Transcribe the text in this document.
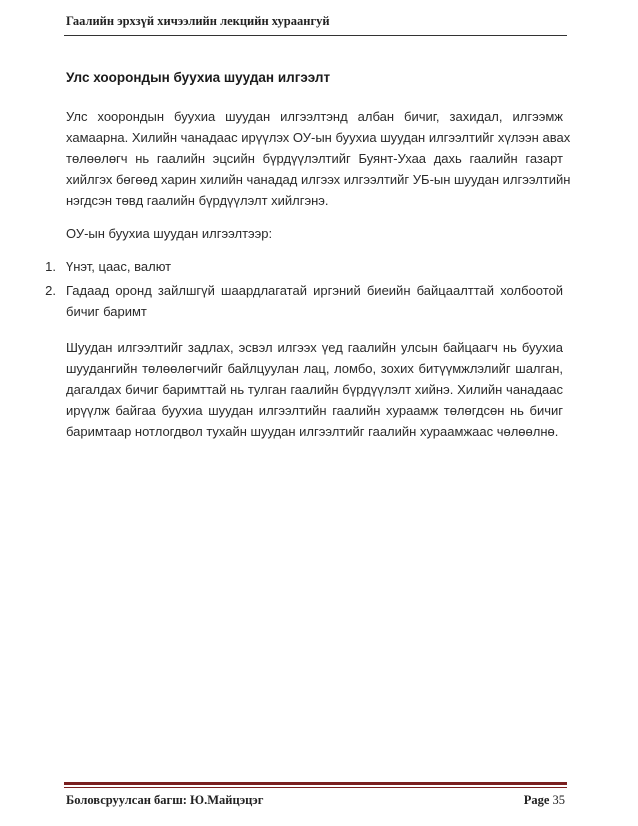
Гаалийн эрхзүй хичээлийн лекцийн хураангуй
Улс хоорондын буухиа шуудан илгээлт
Улс хоорондын буухиа шуудан илгээлтэнд албан бичиг, захидал, илгээмж
хамаарна. Хилийн чанадаас ирүүлэх ОУ-ын буухиа шуудан илгээлтийг хүлээн авах
төлөөлөгч нь гаалийн эцсийн бүрдүүлэлтийг Буянт-Ухаа дахь гаалийн газарт
хийлгэх бөгөөд харин хилийн чанадад илгээх илгээлтийг УБ-ын шуудан илгээлтийн
нэгдсэн төвд гаалийн бүрдүүлэлт хийлгэнэ.

ОУ-ын буухиа шуудан илгээлтээр:

1. Үнэт, цаас, валют
2. Гадаад оронд зайлшгүй шаардлагатай иргэний биеийн байцаалттай холбоотой
бичиг баримт
Шуудан илгээлтийг задлах, эсвэл илгээх үед гаалийн улсын байцаагч нь буухиа
шуудангийн төлөөлөгчийг байлцуулан лац, ломбо, зохих битүүмжлэлийг шалган,
дагалдах бичиг баримттай нь тулган гаалийн бүрдүүлэлт хийнэ. Хилийн чанадаас
ирүүлж байгаа буухиа шуудан илгээлтийн гаалийн хураамж төлөгдсөн нь бичиг
баримтаар нотлогдвол тухайн шуудан илгээлтийг гаалийн хураамжаас чөлөөлнө.
Боловсруулсан багш: Ю.Майцэцэг	Page 35
